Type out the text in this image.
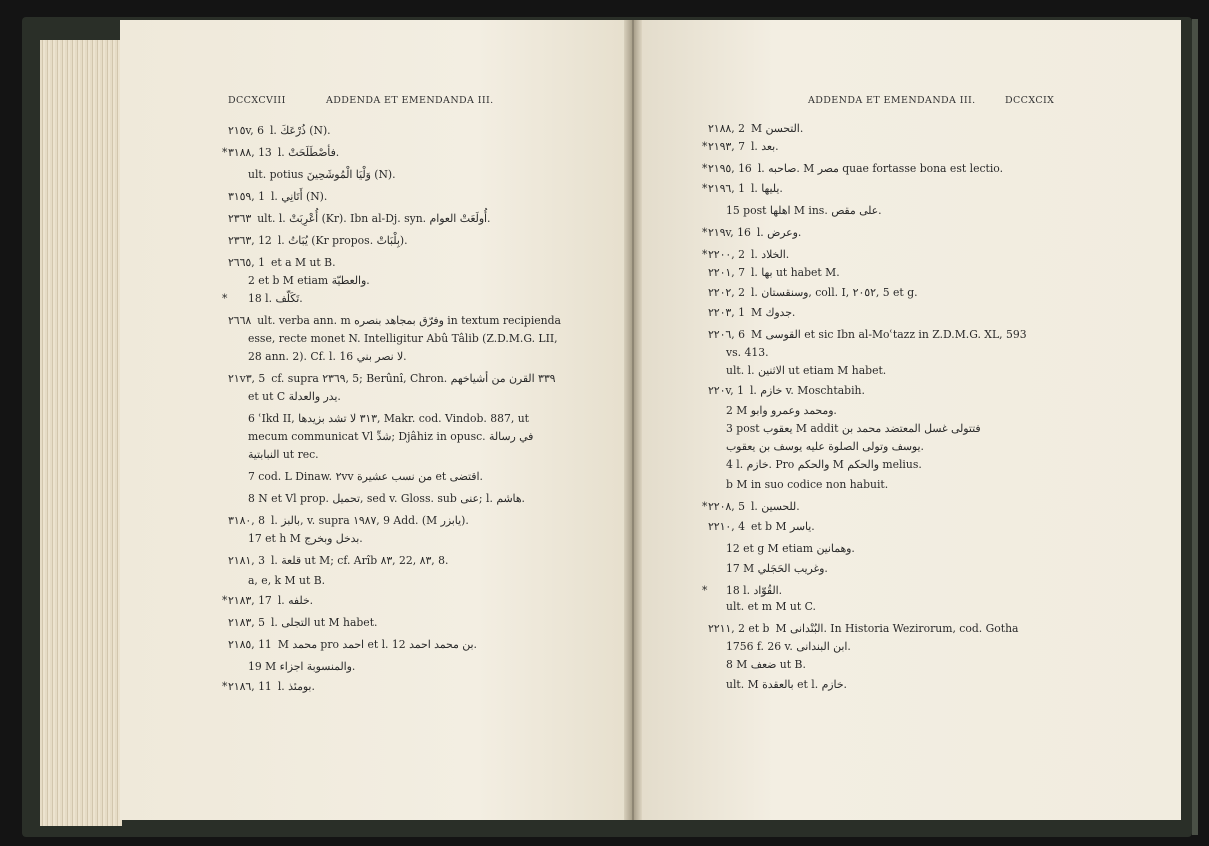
DCCXCVIII	ADDENDA ET EMENDANDA III.	ADDENDA ET EMENDANDA III.	DCCXCIX
٢١٥v, 6 l. ذُرْعَكَ (N).
* ٣١٨٨, 13 l. فأصْطَلَحَتْ.
ult. potius وَلْيَا الْمُوشَحِينَ (N).
٣١٥٩, 1 l. أَتَانِي (N).
٢٣٦٣ ult. l. أُعْرِبَتْ (Kr). Ibn al-Dj. syn. أُولَعَتْ العوام.
٢٣٦٣, 12 l. يُبَاتُ (Kr propos. بِلْبَاتْ).
٢٦٦٥, 1 et a M ut B.
2 et b M etiam والعطيّة.
* 18 l. تَكَلّف.
٢٦٦٨ ult. verba ann. m وفرّق بمجاهد بنصره in textum recipienda
esse, recte monet N. Intelligitur Abû Tâlib (Z.D.M.G. LII,
28 ann. 2). Cf. l. 16 لا نصر بني.
٢١v٣, 5 cf. supra ٢٣٦٩, 5; Berûnî, Chron. ٣٣٩ القرن من أشياخهم
et ut C يدر والعدلة.
6 ʿIkd II, ٣١٣ لا تشد بزيدها, Makr. cod. Vindob. 887, ut
mecum communicat Vl شدِّ; Djâhiz in opusc. في رسالة
النبابتية ut rec.
7 cod. L Dinaw. ٢vv من نسب عشيرة et اقتضى.
8 N et Vl prop. تحميل, sed v. Gloss. sub عنى; l. هاشم.
٣١٨٠, 8 l. بالبز, v. supra ١٩٨٧, 9 Add. (M يابزر).
17 et h M بدخل وبخرج.
٢١٨١, 3 l. قلعة ut M; cf. Arîb ٨٣, 22, ٨٣, 8.
a, e, k M ut B.
* ٢١٨٣, 17 l. خلفه.
٢١٨٣, 5 l. التجلى ut M habet.
٢١٨٥, 11 M محمد pro احمد et l. 12 بن محمد احمد.
19 M والمنسوبة اجزاء.
* ٢١٨٦, 11 l. بومئذ.
٢١٨٨, 2 M التحسن.
* ٢١٩٣, 7 l. بعد.
* ٢١٩٥, 16 l. صاحبه. M مصر quae fortasse bona est lectio.
* ٢١٩٦, 1 l. يليها.
15 post اهلها M ins. على مقص.
* ٢١٩v, 16 l. وعرض.
* ٢٢٠٠, 2 l. الخلاد.
٢٢٠١, 7 l. بها ut habet M.
٢٢٠٢, 2 l. وسنقستان, coll. I, ٢٠٥٢, 5 et g.
٢٢٠٣, 1 M جدوك.
٢٢٠٦, 6 M القوسى et sic Ibn al-Moʿtazz in Z.D.M.G. XL, 593
vs. 413.
ult. l. الاثنين ut etiam M habet.
٢٢٠v, 1 l. خازم v. Moschtabih.
2 M ومحمد وعمرو وابو.
3 post يعقوب M addit فتتولى غسل المعتضد محمد بن
يوسف وتولى الصلوة عليه يوسف بن يعقوب.
4 l. خازم. Pro والحكم M والحكم melius.
b M in suo codice non habuit.
* ٢٢٠٨, 5 l. للحسين.
٢٢١٠, 4 et b M ياسر.
12 et g M etiam وهمانين.
17 M وغريب الحَجَلي.
* 18 l. القُوّاد.
ult. et m M ut C.
٢٢١١, 2 et b M البُنْدانى. In Historia Wezirorum, cod. Gotha
1756 f. 26 v. ابن البندانى.
8 M ضعف ut B.
ult. M بالعقدة et l. خازم.
